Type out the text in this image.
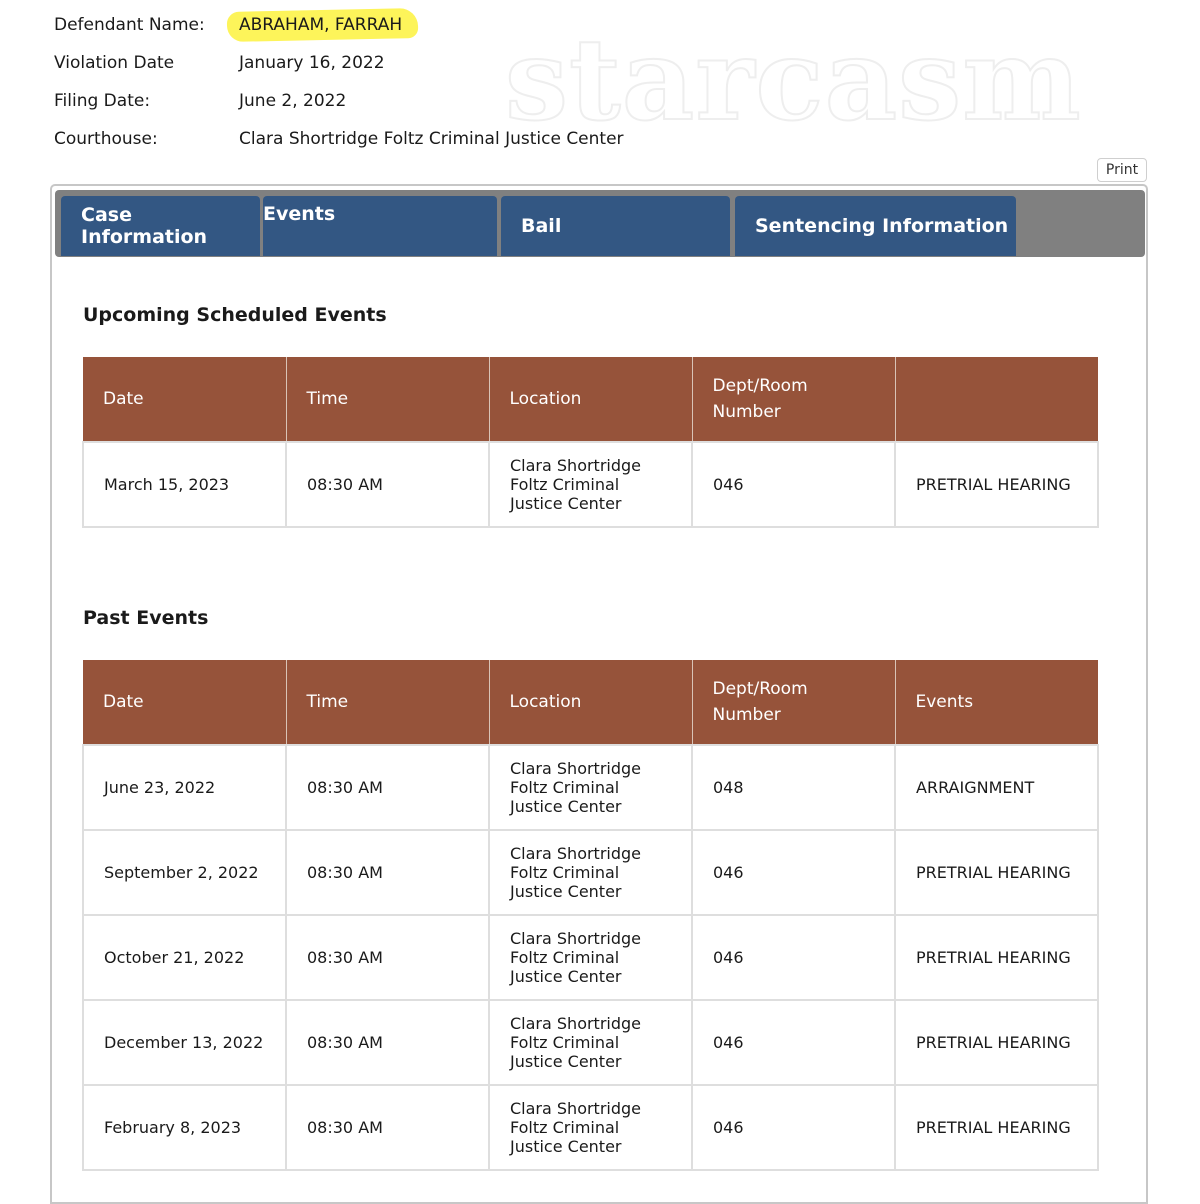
starcasm
Defendant Name:	ABRAHAM, FARRAH
Violation Date	January 16, 2022
Filing Date:	June 2, 2022
Courthouse:	Clara Shortridge Foltz Criminal Justice Center
Print
Case Information
Events
Bail	Sentencing Information
Upcoming Scheduled Events
Date	Time	Location	Dept/Room Number	
March 15, 2023	08:30 AM	Clara Shortridge Foltz Criminal Justice Center	046	PRETRIAL HEARING
Past Events
Date	Time	Location	Dept/Room Number	Events
June 23, 2022	08:30 AM	Clara Shortridge Foltz Criminal Justice Center	048	ARRAIGNMENT
September 2, 2022	08:30 AM	Clara Shortridge Foltz Criminal Justice Center	046	PRETRIAL HEARING
October 21, 2022	08:30 AM	Clara Shortridge Foltz Criminal Justice Center	046	PRETRIAL HEARING
December 13, 2022	08:30 AM	Clara Shortridge Foltz Criminal Justice Center	046	PRETRIAL HEARING
February 8, 2023	08:30 AM	Clara Shortridge Foltz Criminal Justice Center	046	PRETRIAL HEARING
